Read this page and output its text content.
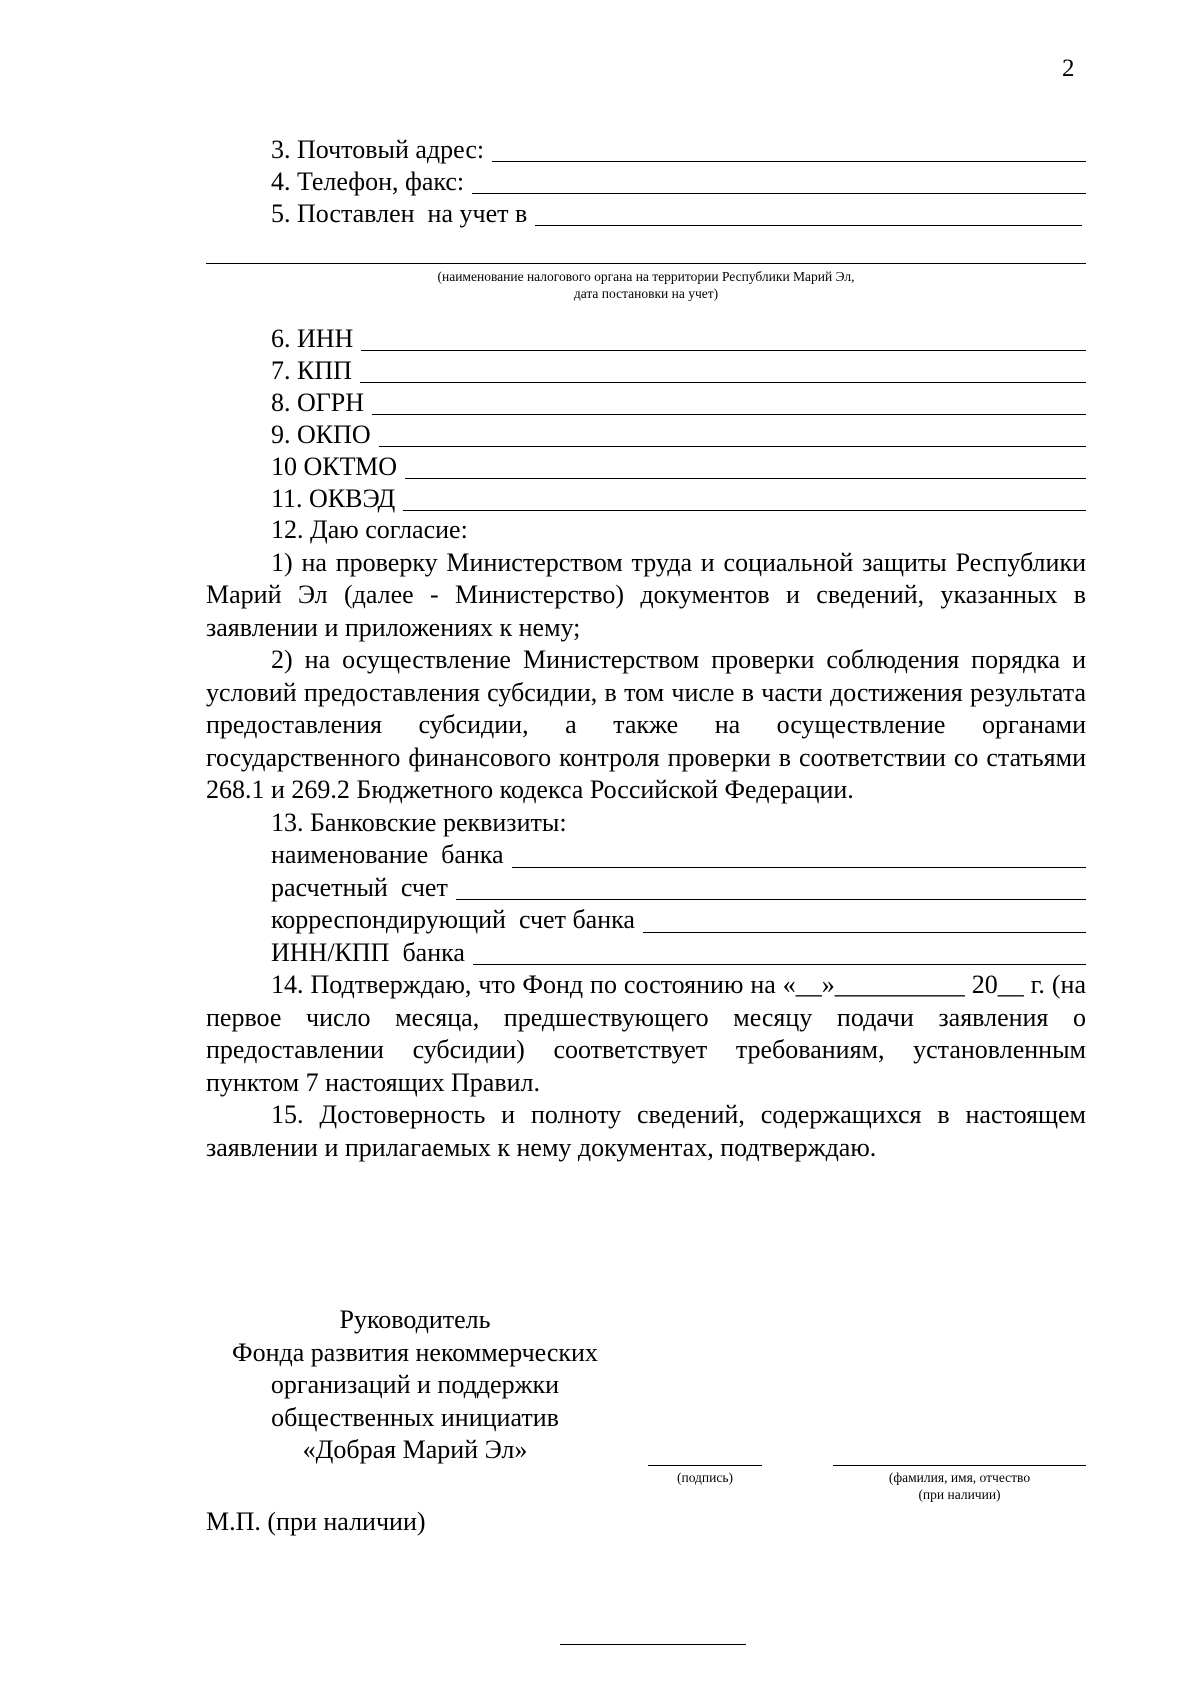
2
3. Почтовый адрес:
4. Телефон, факс:
5. Поставлен  на учет в
(наименование налогового органа на территории Республики Марий Эл,
дата постановки на учет)
6. ИНН
7. КПП
8. ОГРН
9. ОКПО
10 ОКТМО
11. ОКВЭД

12. Даю согласие:

1) на проверку Министерством труда и социальной защиты Республики Марий Эл (далее - Министерство) документов и сведений, указанных в заявлении и приложениях к нему;

2) на осуществление Министерством проверки соблюдения порядка и условий предоставления субсидии, в том числе в части достижения результата предоставления субсидии, а также на осуществление органами государственного финансового контроля проверки в соответствии со статьями 268.1 и 269.2 Бюджетного кодекса Российской Федерации.

13. Банковские реквизиты:

наименование  банка
расчетный  счет
корреспондирующий  счет банка
ИНН/КПП  банка

14. Подтверждаю, что Фонд по состоянию на «__»__________ 20__ г. (на первое число месяца, предшествующего месяцу подачи заявления о предоставлении субсидии) соответствует требованиям, установленным пунктом 7 настоящих Правил.

15. Достоверность и полноту сведений, содержащихся в настоящем заявлении и прилагаемых к нему документах, подтверждаю.

Руководитель
Фонда развития некоммерческих
организаций и поддержки
общественных инициатив
«Добрая Марий Эл»
(подпись)	(фамилия, имя, отчество
(при наличии)
М.П. (при наличии)
